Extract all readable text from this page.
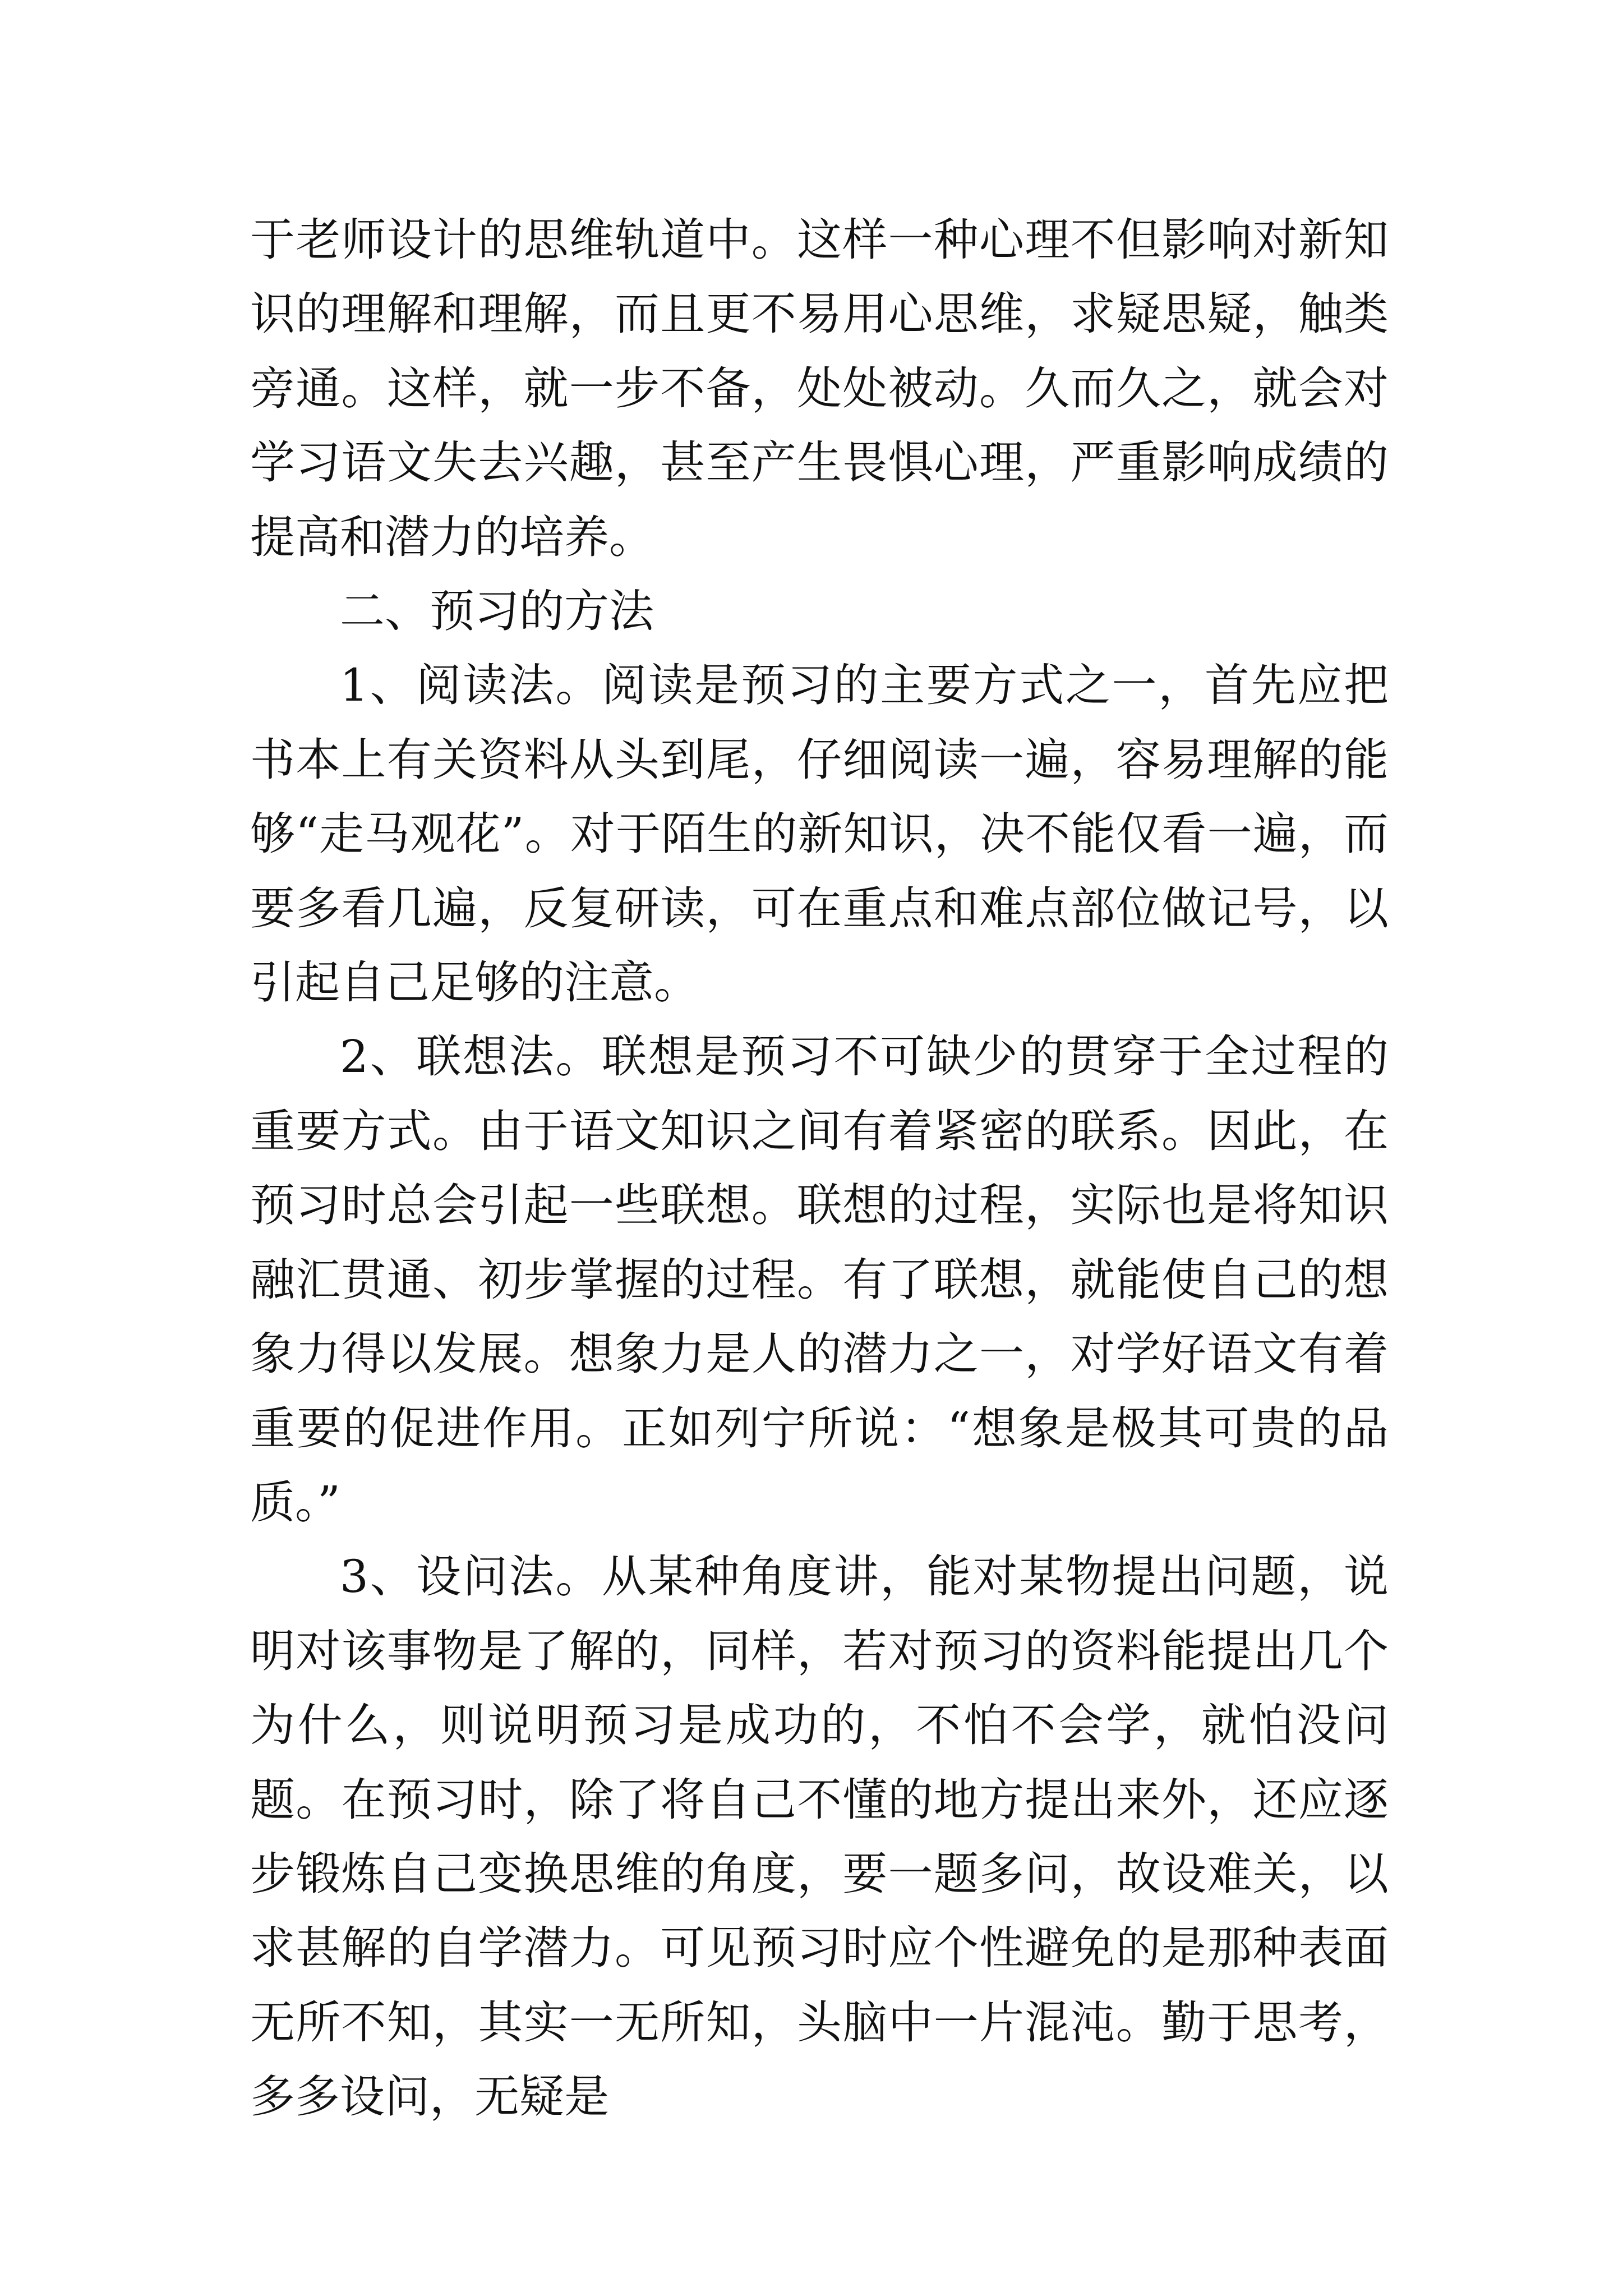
于老师设计的思维轨道中。这样一种心理不但影响对新知识的理解和理解，而且更不易用心思维，求疑思疑，触类旁通。这样，就一步不备，处处被动。久而久之，就会对学习语文失去兴趣，甚至产生畏惧心理，严重影响成绩的提高和潜力的培养。

二、预习的方法

1、阅读法。阅读是预习的主要方式之一，首先应把书本上有关资料从头到尾，仔细阅读一遍，容易理解的能够“走马观花”。对于陌生的新知识，决不能仅看一遍，而要多看几遍，反复研读，可在重点和难点部位做记号，以引起自己足够的注意。

2、联想法。联想是预习不可缺少的贯穿于全过程的重要方式。由于语文知识之间有着紧密的联系。因此，在预习时总会引起一些联想。联想的过程，实际也是将知识融汇贯通、初步掌握的过程。有了联想，就能使自己的想象力得以发展。想象力是人的潜力之一，对学好语文有着重要的促进作用。正如列宁所说：“想象是极其可贵的品质。”

3、设问法。从某种角度讲，能对某物提出问题，说明对该事物是了解的，同样，若对预习的资料能提出几个为什么，则说明预习是成功的，不怕不会学，就怕没问题。在预习时，除了将自己不懂的地方提出来外，还应逐步锻炼自己变换思维的角度，要一题多问，故设难关，以求甚解的自学潜力。可见预习时应个性避免的是那种表面无所不知，其实一无所知，头脑中一片混沌。勤于思考，多多设问，无疑是
